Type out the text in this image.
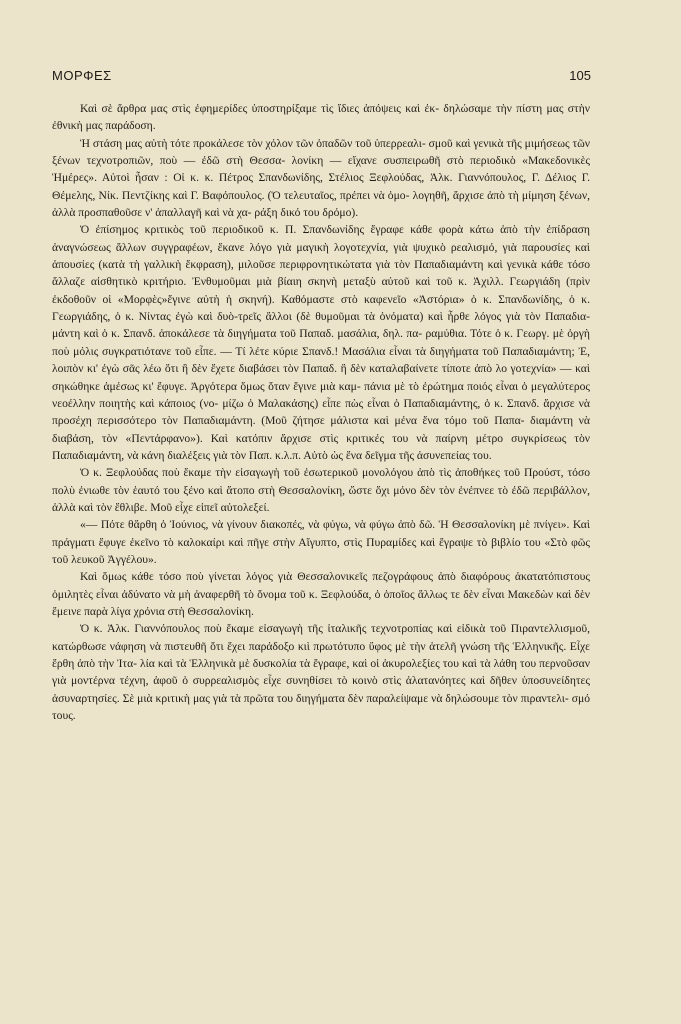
ΜΟΡΦΕΣ	105

Καὶ σὲ ἄρθρα μας στὶς ἐφημερίδες ὑποστηρίξαμε τὶς ἴδιες ἀπόψεις καὶ ἐκ- δηλώσαμε τὴν πίστη μας στὴν ἐθνικὴ μας παράδοση.

Ἡ στάση μας αὐτὴ τότε προκάλεσε τὸν χόλον τῶν ὀπαδῶν τοῦ ὑπερρεαλι- σμοῦ καὶ γενικὰ τῆς μιμήσεως τῶν ξένων τεχνοτροπιῶν, ποὺ — ἐδῶ στὴ Θεσσα- λονίκη — εἴχανε συσπειρωθῆ στὸ περιοδικὸ «Μακεδονικὲς Ἡμέρες». Αὐτοὶ ἦσαν : Οἱ κ. κ. Πέτρος Σπανδωνίδης, Στέλιος Ξεφλούδας, Ἀλκ. Γιαννόπουλος, Γ. Δέλιος Γ. Θέμελης, Νίκ. Πεντζίκης καὶ Γ. Βαφόπουλος. (Ὁ τελευταῖος, πρέπει νὰ ὁμο- λογηθῆ, ἄρχισε ἀπὸ τὴ μίμηση ξένων, ἀλλὰ προσπαθοῦσε ν' ἀπαλλαγῆ καὶ νὰ χα- ράξη δικό του δρόμο).

Ὁ ἐπίσημος κριτικὸς τοῦ περιοδικοῦ κ. Π. Σπανδωνίδης ἔγραφε κάθε φορὰ κάτω ἀπὸ τὴν ἐπίδραση ἀναγνώσεως ἄλλων συγγραφέων, ἔκανε λόγο γιὰ μαγικὴ λογοτεχνία, γιὰ ψυχικὸ ρεαλισμό, γιὰ παρουσίες καὶ ἀπουσίες (κατὰ τὴ γαλλικὴ ἔκφραση), μιλοῦσε περιφρονητικώτατα γιὰ τὸν Παπαδιαμάντη καὶ γενικὰ κάθε τόσο ἄλλαζε αἰσθητικὸ κριτήριο. Ἐνθυμοῦμαι μιὰ βίαιη σκηνὴ μεταξὺ αὐτοῦ καὶ τοῦ κ. Ἀχιλλ. Γεωργιάδη (πρὶν ἐκδοθοῦν οἱ «Μορφὲς»ἔγινε αὐτὴ ἡ σκηνή). Καθόμαστε στὸ καφενεῖο «Ἀστόρια» ὁ κ. Σπανδωνίδης, ὁ κ. Γεωργιάδης, ὁ κ. Νίντας ἐγὼ καὶ δυὸ-τρεῖς ἄλλοι (δὲ θυμοῦμαι τὰ ὀνόματα) καὶ ἦρθε λόγος γιὰ τὸν Παπαδια- μάντη καὶ ὁ κ. Σπανδ. ἀποκάλεσε τὰ διηγήματα τοῦ Παπαδ. μασάλια, δηλ. πα- ραμύθια. Τότε ὁ κ. Γεωργ. μὲ ὀργὴ ποὺ μόλις συγκρατιότανε τοῦ εἶπε. — Τί λέτε κύριε Σπανδ.! Μασάλια εἶναι τὰ διηγήματα τοῦ Παπαδιαμάντη; Ἐ, λοιπὸν κι' ἐγὼ σᾶς λέω ὅτι ἢ δὲν ἔχετε διαβάσει τὸν Παπαδ. ἢ δὲν καταλαβαίνετε τίποτε ἀπὸ λο γοτεχνία» — καὶ σηκώθηκε ἀμέσως κι' ἔφυγε. Ἀργότερα ὅμως ὅταν ἔγινε μιὰ καμ- πάνια μὲ τὸ ἐρώτημα ποιός εἶναι ὁ μεγαλύτερος νεοέλλην ποιητὴς καὶ κάποιος (νο- μίζω ὁ Μαλακάσης) εἶπε πὼς εἶναι ὁ Παπαδιαμάντης, ὁ κ. Σπανδ. ἄρχισε νὰ προσέχη περισσότερο τὸν Παπαδιαμάντη. (Μοῦ ζήτησε μάλιστα καὶ μένα ἕνα τόμο τοῦ Παπα- διαμάντη νὰ διαβάση, τὸν «Πεντάρφανο»). Καὶ κατόπιν ἄρχισε στὶς κριτικές του νὰ παίρνη μέτρο συγκρίσεως τὸν Παπαδιαμάντη, νὰ κάνη διαλέξεις γιὰ τὸν Παπ. κ.λ.π. Αὐτὸ ὡς ἕνα δεῖγμα τῆς ἀσυνεπείας του.

Ὁ κ. Ξεφλούδας ποὺ ἔκαμε τὴν εἰσαγωγὴ τοῦ ἐσωτερικοῦ μονολόγου ἀπὸ τὶς ἀποθήκες τοῦ Προύστ, τόσο πολὺ ἐνιωθε τὸν ἑαυτό του ξένο καὶ ἄτοπο στὴ Θεσσαλονίκη, ὥστε ὄχι μόνο δὲν τὸν ἐνέπνεε τὸ ἐδῶ περιβάλλον, ἀλλὰ καὶ τὸν ἔθλιβε. Μοῦ εἶχε εἰπεῖ αὐτολεξεί.

«— Πότε θἄρθη ὁ Ἰούνιος, νὰ γίνουν διακοπές, νὰ φύγω, νὰ φύγω ἀπὸ δῶ. Ἡ Θεσσαλονίκη μὲ πνίγει». Καὶ πράγματι ἔφυγε ἐκεῖνο τὸ καλοκαίρι καὶ πῆγε στὴν Αἴγυπτο, στὶς Πυραμίδες καὶ ἔγραψε τὸ βιβλίο του «Στὸ φῶς τοῦ λευκοῦ Ἀγγέλου».

Καὶ ὅμως κάθε τόσο ποὺ γίνεται λόγος γιὰ Θεσσαλονικεῖς πεζογράφους ἀπὸ διαφόρους ἀκατατόπιστους ὁμιλητὲς εἶναι ἀδύνατο νὰ μὴ ἀναφερθῆ τὸ ὄνομα τοῦ κ. Ξεφλούδα, ὁ ὁποῖος ἄλλως τε δὲν εἶναι Μακεδὼν καὶ δὲν ἔμεινε παρὰ λίγα χρόνια στὴ Θεσσαλονίκη.

Ὁ κ. Ἀλκ. Γιαννόπουλος ποὺ ἔκαμε εἰσαγωγὴ τῆς ἰταλικῆς τεχνοτροπίας καὶ εἰδικὰ τοῦ Πιραντελλισμοῦ, κατώρθωσε νάφηση νὰ πιστευθῆ ὅτι ἔχει παράδοξο κιὶ πρωτότυπο ὕφος μὲ τὴν ἀτελῆ γνώση τῆς Ἑλληνικῆς. Εἶχε ἔρθη ἀπὸ τὴν Ἰτα- λία καὶ τὰ Ἑλληνικὰ μὲ δυσκολία τὰ ἔγραφε, καὶ οἱ ἀκυρολεξίες του καὶ τὰ λάθη του περνοῦσαν γιὰ μοντέρνα τέχνη, ἀφοῦ ὁ συρρεαλισμὸς εἶχε συνηθίσει τὸ κοινὸ στὶς ἀλατανόητες καὶ δῆθεν ὑποσυνείδητες ἀσυναρτησίες. Σὲ μιὰ κριτικὴ μας γιὰ τὰ πρῶτα του διηγήματα δὲν παραλείψαμε νὰ δηλώσουμε τὸν πιραντελι- σμό τους.
